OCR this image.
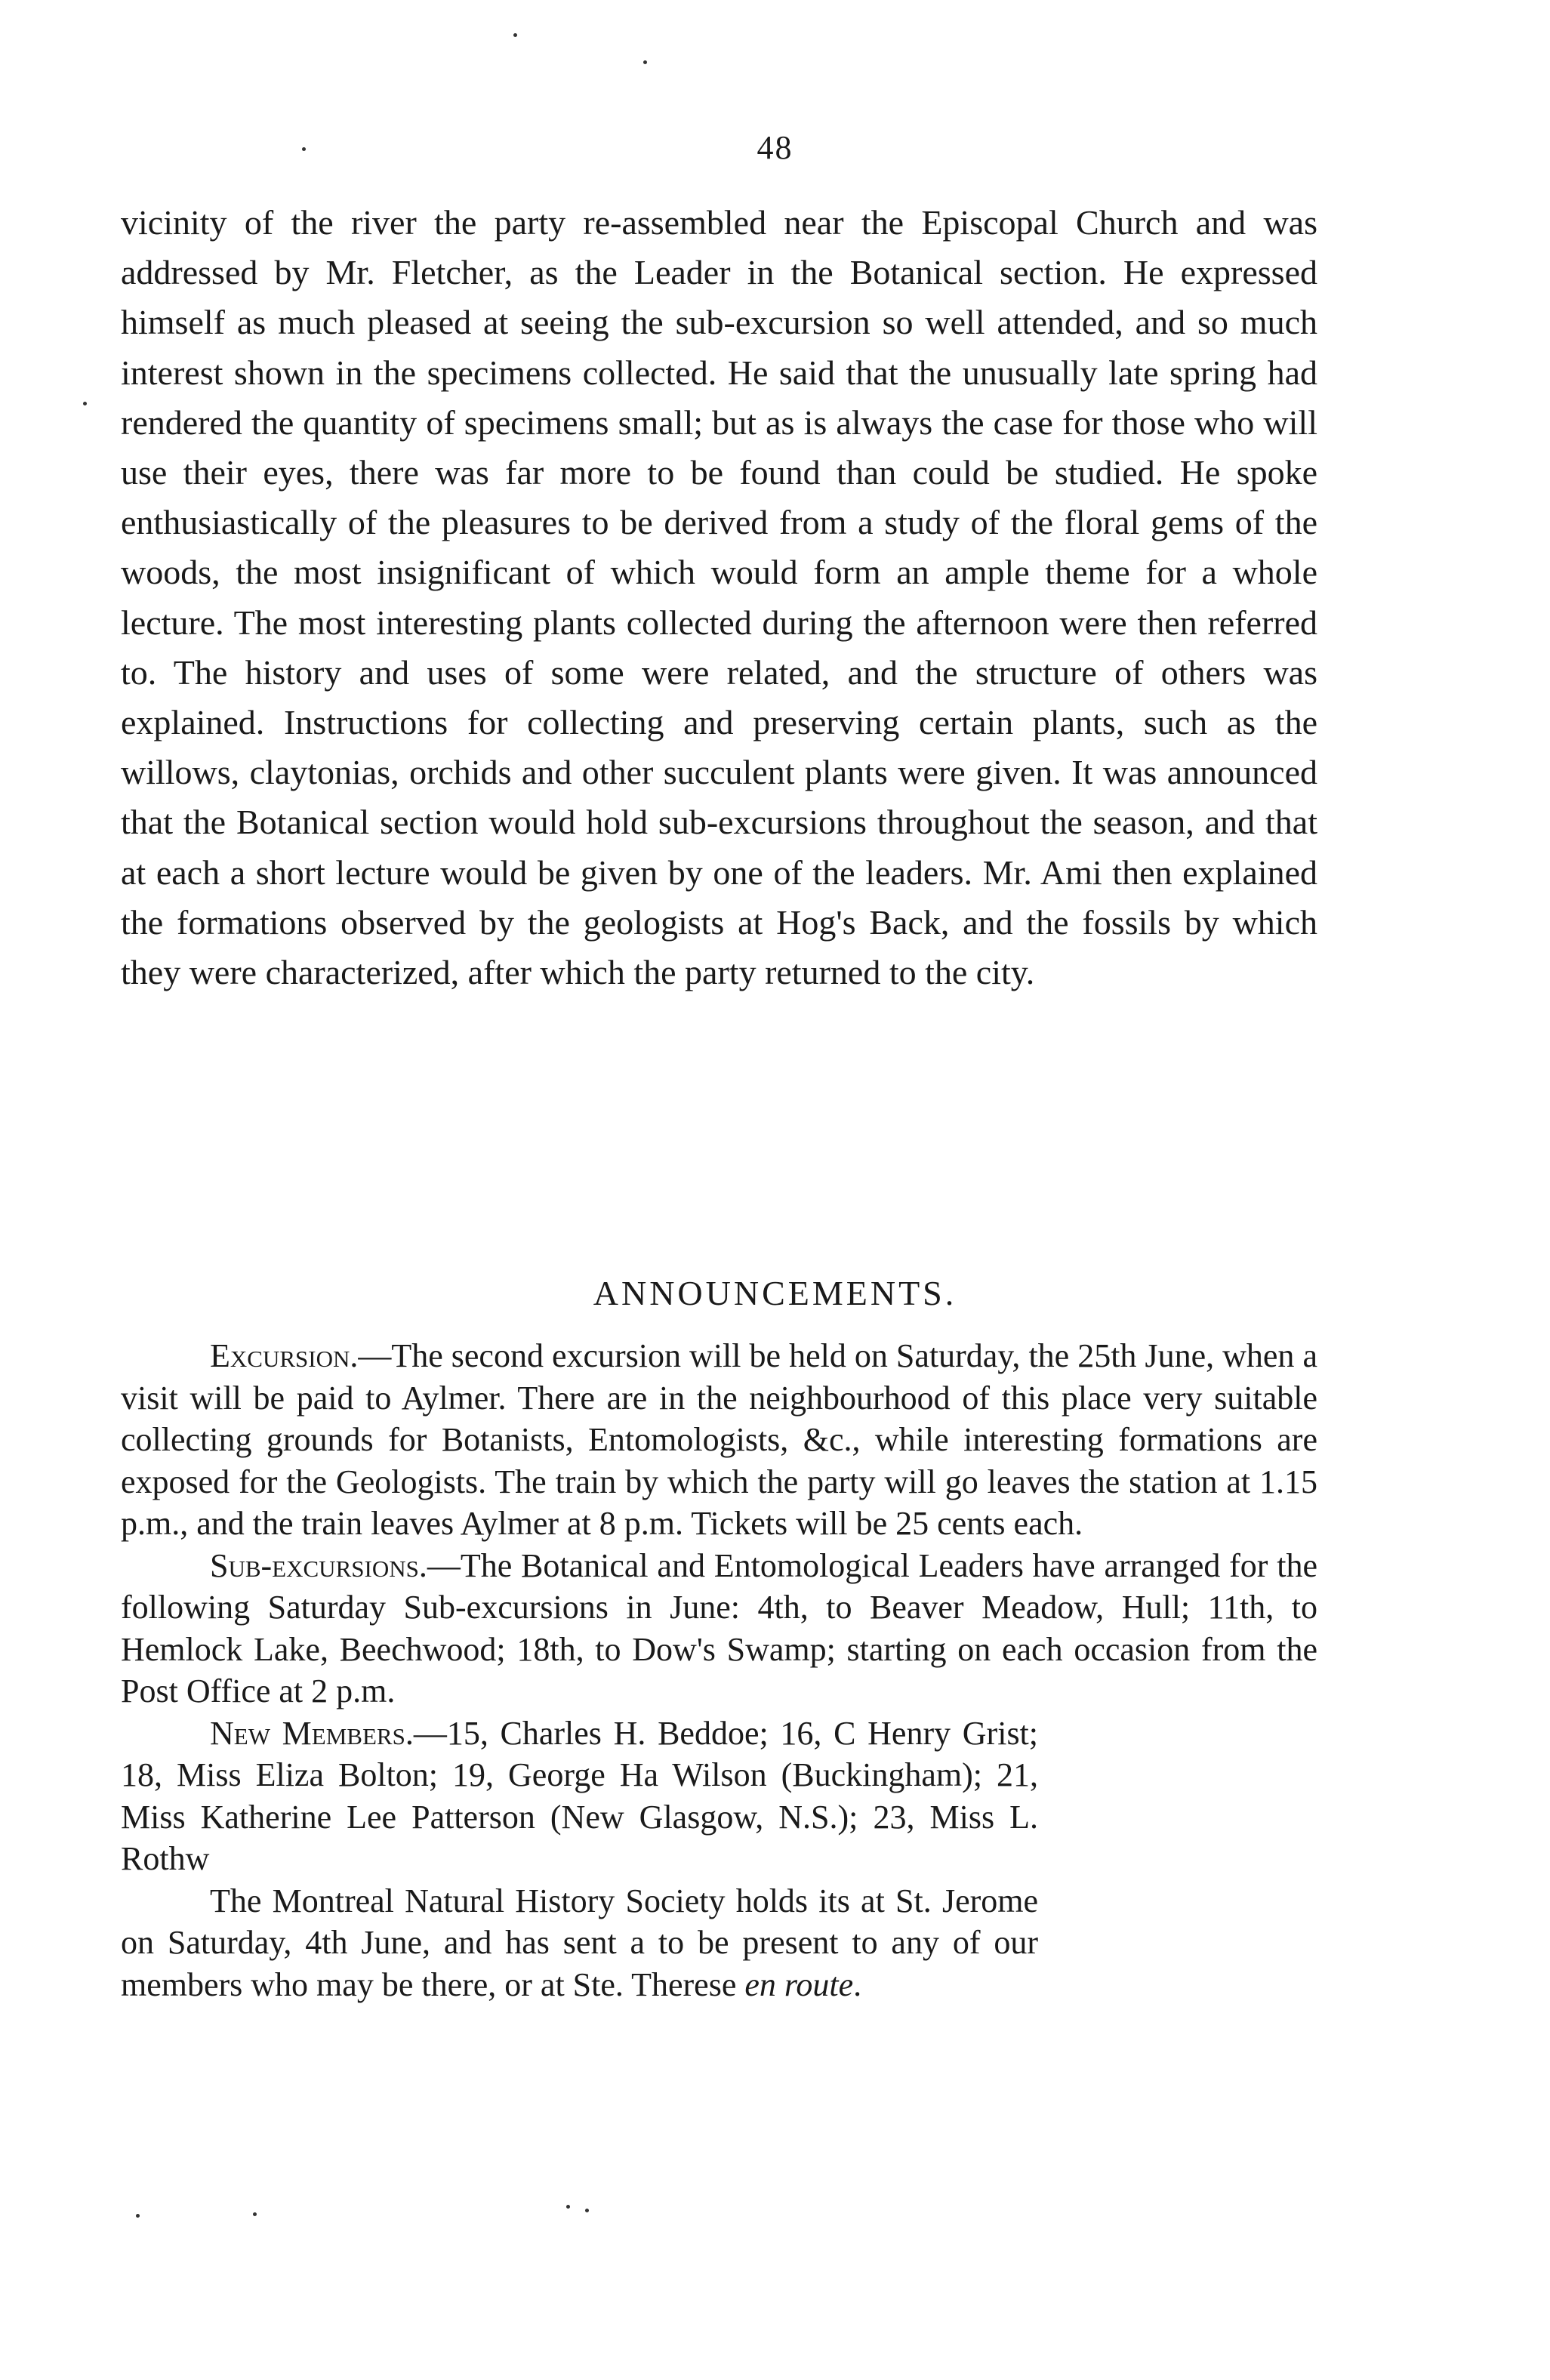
48

vicinity of the river the party re-assembled near the Episcopal Church and was addressed by Mr. Fletcher, as the Leader in the Botanical section. He expressed himself as much pleased at seeing the sub-excursion so well attended, and so much interest shown in the specimens collected. He said that the unusually late spring had rendered the quantity of specimens small; but as is always the case for those who will use their eyes, there was far more to be found than could be studied. He spoke enthusiastically of the pleasures to be derived from a study of the floral gems of the woods, the most insignificant of which would form an ample theme for a whole lecture. The most interesting plants collected during the afternoon were then referred to. The history and uses of some were related, and the structure of others was explained. Instructions for collecting and preserving certain plants, such as the willows, claytonias, orchids and other succulent plants were given. It was announced that the Botanical section would hold sub-excursions throughout the season, and that at each a short lecture would be given by one of the leaders. Mr. Ami then explained the formations observed by the geologists at Hog's Back, and the fossils by which they were characterized, after which the party returned to the city.

ANNOUNCEMENTS.

Excursion.—The second excursion will be held on Saturday, the 25th June, when a visit will be paid to Aylmer. There are in the neighbourhood of this place very suitable collecting grounds for Botanists, Entomologists, &c., while interesting formations are exposed for the Geologists. The train by which the party will go leaves the station at 1.15 p.m., and the train leaves Aylmer at 8 p.m. Tickets will be 25 cents each.

Sub-excursions.—The Botanical and Entomological Leaders have arranged for the following Saturday Sub-excursions in June: 4th, to Beaver Meadow, Hull; 11th, to Hemlock Lake, Beechwood; 18th, to Dow's Swamp; starting on each occasion from the Post Office at 2 p.m.

New Members.—15, Charles H. Beddoe; 16, C Henry Grist; 18, Miss Eliza Bolton; 19, George Ha Wilson (Buckingham); 21, Miss Katherine Lee Patterson (New Glasgow, N.S.); 23, Miss L. Rothw

The Montreal Natural History Society holds its at St. Jerome on Saturday, 4th June, and has sent a to be present to any of our members who may be there, or at Ste. Therese en route.
